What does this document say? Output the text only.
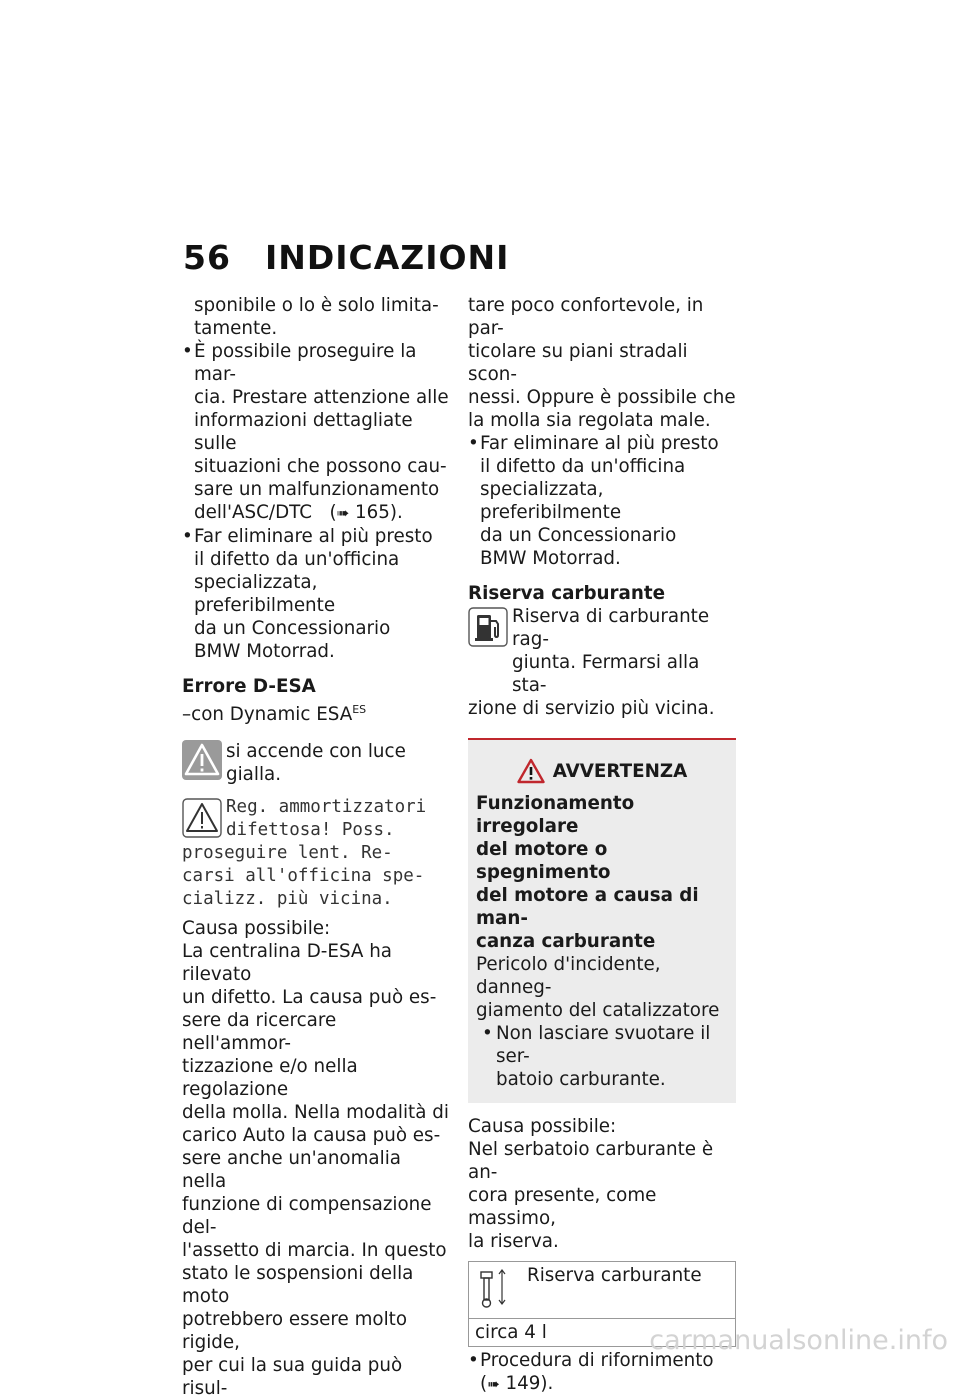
56 INDICAZIONI
sponibile o lo è solo limita-
tamente.
• È possibile proseguire la mar-
cia. Prestare attenzione alle
informazioni dettagliate sulle
situazioni che possono cau-
sare un malfunzionamento
dell'ASC/DTC (➠ 165).
• Far eliminare al più presto
il difetto da un'officina
specializzata, preferibilmente
da un Concessionario
BMW Motorrad.
Errore D-ESA
–con Dynamic $ESA^{ES}$
si accende con luce gialla.
Reg. ammortizzatori
difettosa! Poss.
proseguire lent. Re-
carsi all'officina spe-
cializz. più vicina.
Causa possibile:
La centralina D-ESA ha rilevato
un difetto. La causa può es-
sere da ricercare nell'ammor-
tizzazione e/o nella regolazione
della molla. Nella modalità di
carico Auto la causa può es-
sere anche un'anomalia nella
funzione di compensazione del-
l'assetto di marcia. In questo
stato le sospensioni della moto
potrebbero essere molto rigide,
per cui la sua guida può risul-
tare poco confortevole, in par-
ticolare su piani stradali scon-
nessi. Oppure è possibile che
la molla sia regolata male.
• Far eliminare al più presto
il difetto da un'officina
specializzata, preferibilmente
da un Concessionario
BMW Motorrad.
Riserva carburante
Riserva di carburante rag-
giunta. Fermarsi alla sta-
zione di servizio più vicina.
AVVERTENZA
Funzionamento irregolare
del motore o spegnimento
del motore a causa di man-
canza carburante
Pericolo d'incidente, danneg-
giamento del catalizzatore
• Non lasciare svuotare il ser-
batoio carburante.
Causa possibile:
Nel serbatoio carburante è an-
cora presente, come massimo,
la riserva.
	Riserva carburante
circa 4 l
• Procedura di rifornimento
(➠ 149).
carmanualsonline.info
